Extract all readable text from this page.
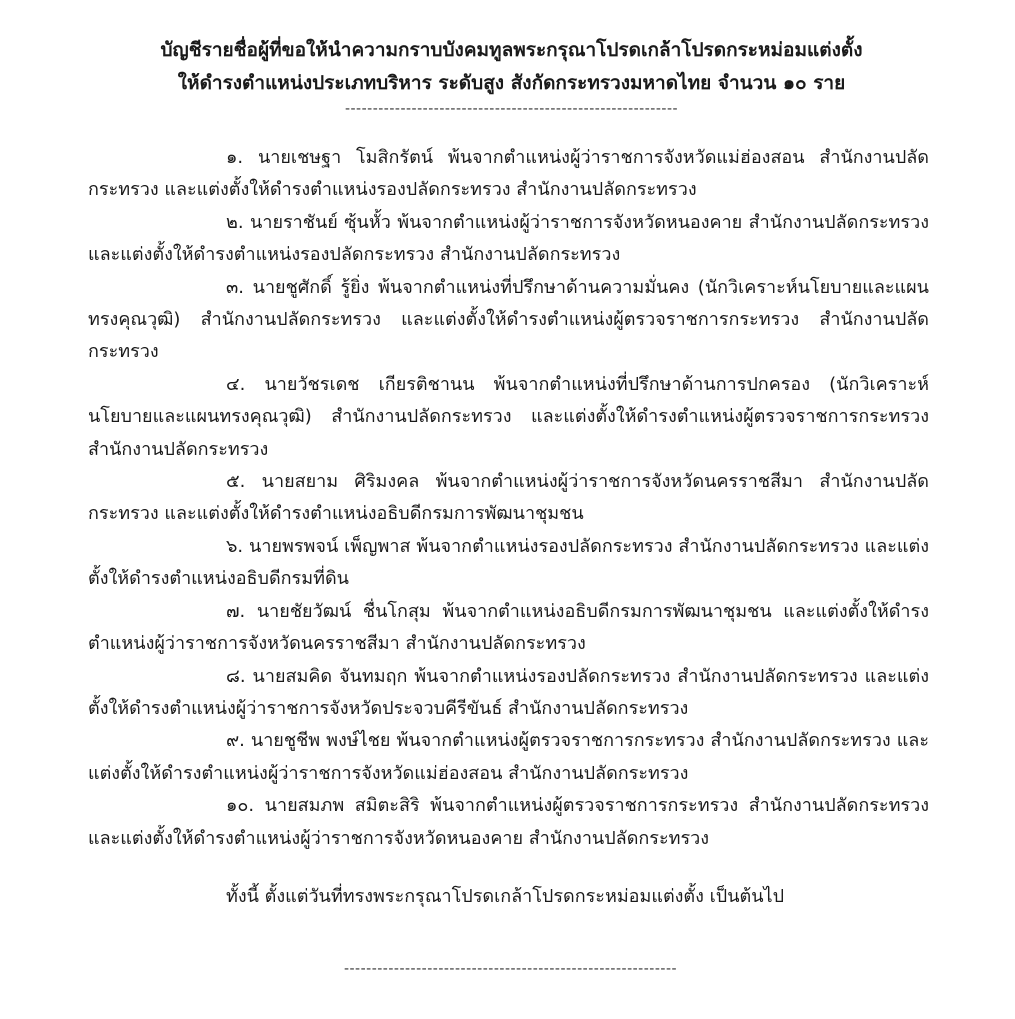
บัญชีรายชื่อผู้ที่ขอให้นำความกราบบังคมทูลพระกรุณาโปรดเกล้าโปรดกระหม่อมแต่งตั้ง
ให้ดำรงตำแหน่งประเภทบริหาร ระดับสูง สังกัดกระทรวงมหาดไทย จำนวน ๑๐ ราย
------------------------------------------------------------

๑. นายเชษฐา โมสิกรัตน์ พ้นจากตำแหน่งผู้ว่าราชการจังหวัดแม่ฮ่องสอน สำนักงานปลัดกระทรวง และแต่งตั้งให้ดำรงตำแหน่งรองปลัดกระทรวง สำนักงานปลัดกระทรวง

๒. นายราชันย์ ซุ้นหั้ว พ้นจากตำแหน่งผู้ว่าราชการจังหวัดหนองคาย สำนักงานปลัดกระทรวง และแต่งตั้งให้ดำรงตำแหน่งรองปลัดกระทรวง สำนักงานปลัดกระทรวง

๓. นายชูศักดิ์ รู้ยิ่ง พ้นจากตำแหน่งที่ปรึกษาด้านความมั่นคง (นักวิเคราะห์นโยบายและแผนทรงคุณวุฒิ) สำนักงานปลัดกระทรวง และแต่งตั้งให้ดำรงตำแหน่งผู้ตรวจราชการกระทรวง สำนักงานปลัดกระทรวง

๔. นายวัชรเดช เกียรติชานน พ้นจากตำแหน่งที่ปรึกษาด้านการปกครอง (นักวิเคราะห์นโยบายและแผนทรงคุณวุฒิ) สำนักงานปลัดกระทรวง และแต่งตั้งให้ดำรงตำแหน่งผู้ตรวจราชการกระทรวง สำนักงานปลัดกระทรวง

๕. นายสยาม ศิริมงคล พ้นจากตำแหน่งผู้ว่าราชการจังหวัดนครราชสีมา สำนักงานปลัดกระทรวง และแต่งตั้งให้ดำรงตำแหน่งอธิบดีกรมการพัฒนาชุมชน

๖. นายพรพจน์ เพ็ญพาส พ้นจากตำแหน่งรองปลัดกระทรวง สำนักงานปลัดกระทรวง และแต่งตั้งให้ดำรงตำแหน่งอธิบดีกรมที่ดิน

๗. นายชัยวัฒน์ ชื่นโกสุม พ้นจากตำแหน่งอธิบดีกรมการพัฒนาชุมชน และแต่งตั้งให้ดำรงตำแหน่งผู้ว่าราชการจังหวัดนครราชสีมา สำนักงานปลัดกระทรวง

๘. นายสมคิด จันทมฤก พ้นจากตำแหน่งรองปลัดกระทรวง สำนักงานปลัดกระทรวง และแต่งตั้งให้ดำรงตำแหน่งผู้ว่าราชการจังหวัดประจวบคีรีขันธ์ สำนักงานปลัดกระทรวง

๙. นายชูชีพ พงษ์ไชย พ้นจากตำแหน่งผู้ตรวจราชการกระทรวง สำนักงานปลัดกระทรวง และแต่งตั้งให้ดำรงตำแหน่งผู้ว่าราชการจังหวัดแม่ฮ่องสอน สำนักงานปลัดกระทรวง

๑๐. นายสมภพ สมิตะสิริ พ้นจากตำแหน่งผู้ตรวจราชการกระทรวง สำนักงานปลัดกระทรวง และแต่งตั้งให้ดำรงตำแหน่งผู้ว่าราชการจังหวัดหนองคาย สำนักงานปลัดกระทรวง

ทั้งนี้ ตั้งแต่วันที่ทรงพระกรุณาโปรดเกล้าโปรดกระหม่อมแต่งตั้ง เป็นต้นไป

------------------------------------------------------------
